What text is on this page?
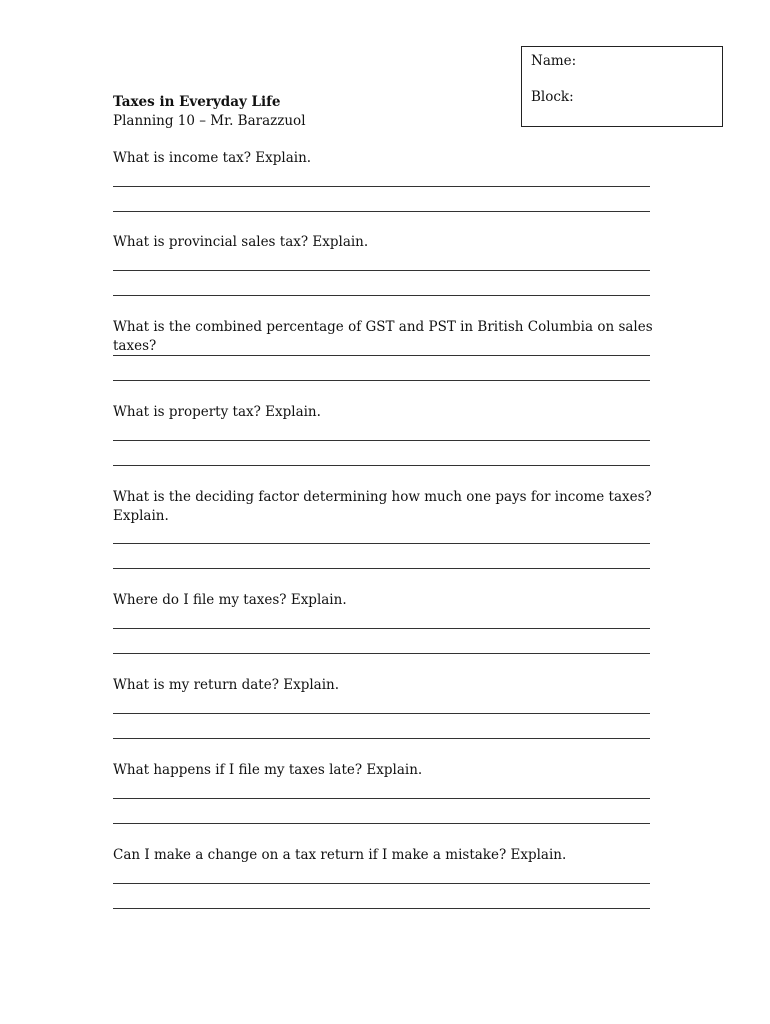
Name:
Block:
Taxes in Everyday Life
Planning 10 – Mr. Barazzuol
What is income tax? Explain.
What is provincial sales tax? Explain.
What is the combined percentage of GST and PST in British Columbia on sales taxes?
What is property tax? Explain.
What is the deciding factor determining how much one pays for income taxes? Explain.
Where do I file my taxes? Explain.
What is my return date? Explain.
What happens if I file my taxes late? Explain.
Can I make a change on a tax return if I make a mistake? Explain.
